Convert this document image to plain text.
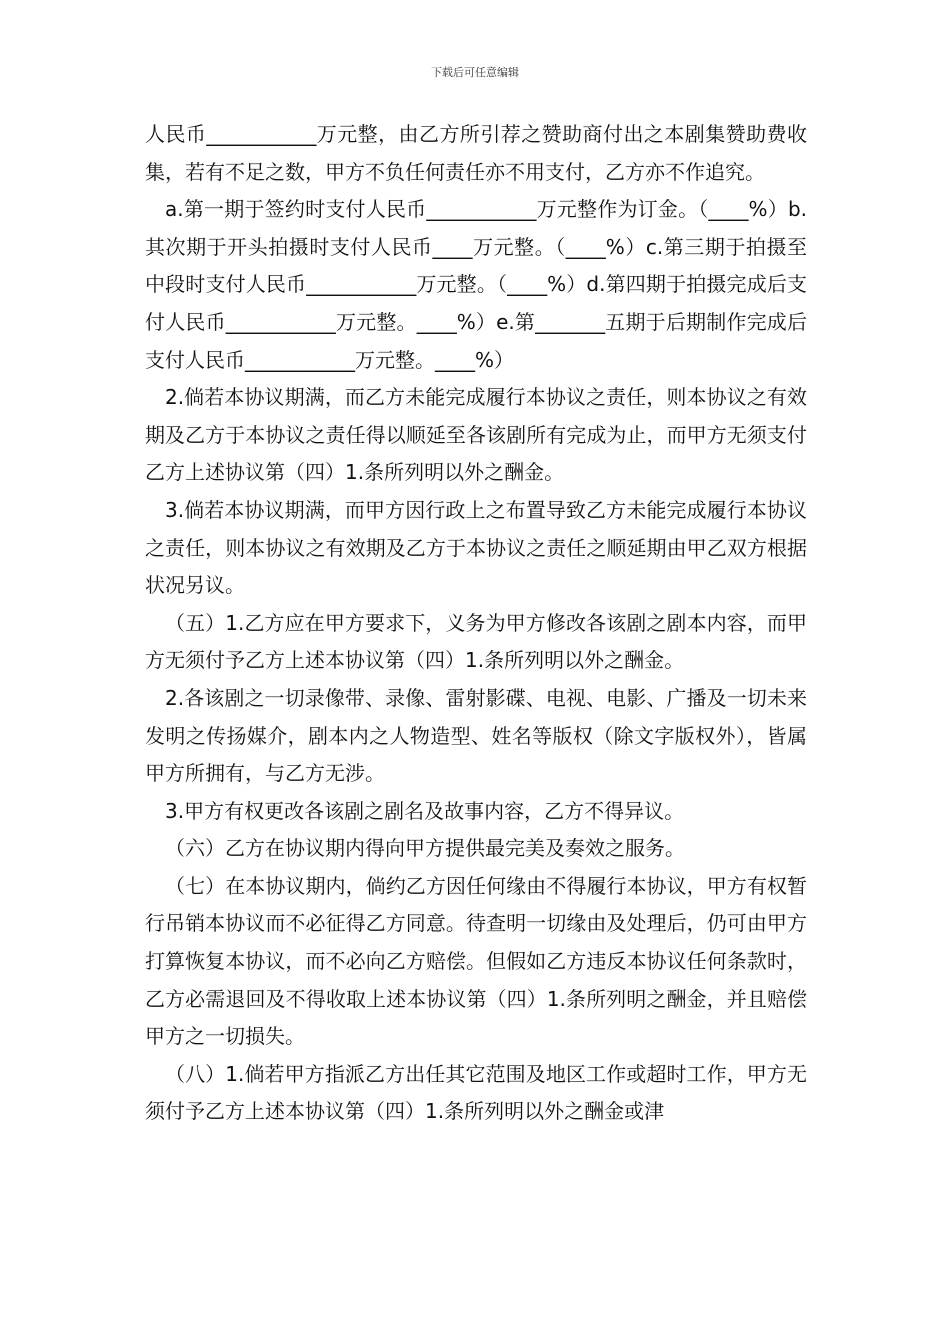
下载后可任意编辑

人民币___________万元整，由乙方所引荐之赞助商付出之本剧集赞助费收集，若有不足之数，甲方不负任何责任亦不用支付，乙方亦不作追究。

a.第一期于签约时支付人民币___________万元整作为订金。（____%）b.其次期于开头拍摄时支付人民币____万元整。（____%）c.第三期于拍摄至中段时支付人民币___________万元整。（____%）d.第四期于拍摄完成后支付人民币___________万元整。____%）e.第_______五期于后期制作完成后支付人民币___________万元整。____%）

2.倘若本协议期满，而乙方未能完成履行本协议之责任，则本协议之有效期及乙方于本协议之责任得以顺延至各该剧所有完成为止，而甲方无须支付乙方上述协议第（四）1.条所列明以外之酬金。

3.倘若本协议期满，而甲方因行政上之布置导致乙方未能完成履行本协议之责任，则本协议之有效期及乙方于本协议之责任之顺延期由甲乙双方根据状况另议。

（五）1.乙方应在甲方要求下，义务为甲方修改各该剧之剧本内容，而甲方无须付予乙方上述本协议第（四）1.条所列明以外之酬金。

2.各该剧之一切录像带、录像、雷射影碟、电视、电影、广播及一切未来发明之传扬媒介，剧本内之人物造型、姓名等版权（除文字版权外），皆属甲方所拥有，与乙方无涉。

3.甲方有权更改各该剧之剧名及故事内容，乙方不得异议。

（六）乙方在协议期内得向甲方提供最完美及奏效之服务。

（七）在本协议期内，倘约乙方因任何缘由不得履行本协议，甲方有权暂行吊销本协议而不必征得乙方同意。待查明一切缘由及处理后，仍可由甲方打算恢复本协议，而不必向乙方赔偿。但假如乙方违反本协议任何条款时，乙方必需退回及不得收取上述本协议第（四）1.条所列明之酬金，并且赔偿甲方之一切损失。

（八）1.倘若甲方指派乙方出任其它范围及地区工作或超时工作，甲方无须付予乙方上述本协议第（四）1.条所列明以外之酬金或津
